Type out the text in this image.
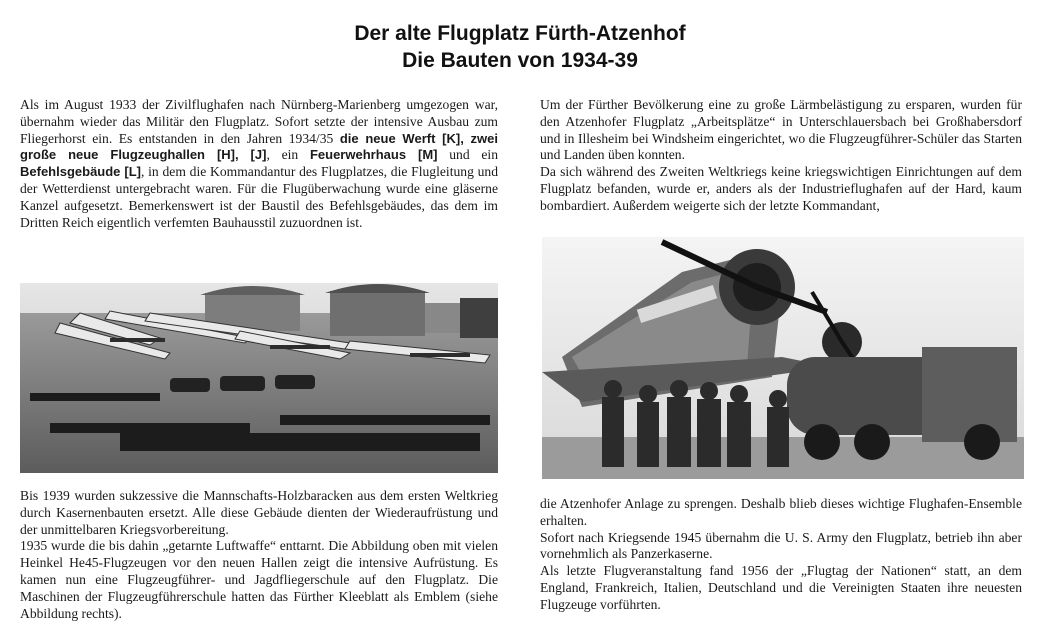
Der alte Flugplatz Fürth-Atzenhof
Die Bauten von 1934-39
Als im August 1933 der Zivilflughafen nach Nürnberg-Marienberg umgezogen war, übernahm wieder das Militär den Flugplatz. Sofort setzte der intensive Ausbau zum Fliegerhorst ein. Es entstanden in den Jahren 1934/35 die neue Werft [K], zwei große neue Flugzeughallen [H], [J], ein Feuerwehrhaus [M] und ein Befehlsgebäude [L], in dem die Kommandantur des Flugplatzes, die Flugleitung und der Wetterdienst untergebracht waren. Für die Flugüberwachung wurde eine gläserne Kanzel aufgesetzt. Bemerkenswert ist der Baustil des Befehlsgebäudes, das dem im Dritten Reich eigentlich verfemten Bauhausstil zuzuordnen ist.
Um der Fürther Bevölkerung eine zu große Lärmbelästigung zu ersparen, wurden für den Atzenhofer Flugplatz „Arbeitsplätze“ in Unterschlauersbach bei Großhabersdorf und in Illesheim bei Windsheim eingerichtet, wo die Flugzeugführer-Schüler das Starten und Landen üben konnten.
Da sich während des Zweiten Weltkriegs keine kriegswichtigen Einrichtungen auf dem Flugplatz befanden, wurde er, anders als der Industrieflughafen auf der Hard, kaum bombardiert. Außerdem weigerte sich der letzte Kommandant,
Bis 1939 wurden sukzessive die Mannschafts-Holzbaracken aus dem ersten Weltkrieg durch Kasernenbauten ersetzt. Alle diese Gebäude dienten der Wiederaufrüstung und der unmittelbaren Kriegsvorbereitung.
1935 wurde die bis dahin „getarnte Luftwaffe“ enttarnt. Die Abbildung oben mit vielen Heinkel He45-Flugzeugen vor den neuen Hallen zeigt die intensive Aufrüstung. Es kamen nun eine Flugzeugführer- und Jagdfliegerschule auf den Flugplatz. Die Maschinen der Flugzeugführerschule hatten das Fürther Kleeblatt als Emblem (siehe Abbildung rechts).
die Atzenhofer Anlage zu sprengen. Deshalb blieb dieses wichtige Flughafen-Ensemble erhalten.
Sofort nach Kriegsende 1945 übernahm die U. S. Army den Flugplatz, betrieb ihn aber vornehmlich als Panzerkaserne.
Als letzte Flugveranstaltung fand 1956 der „Flugtag der Nationen“ statt, an dem England, Frankreich, Italien, Deutschland und die Vereinigten Staaten ihre neuesten Flugzeuge vorführten.
